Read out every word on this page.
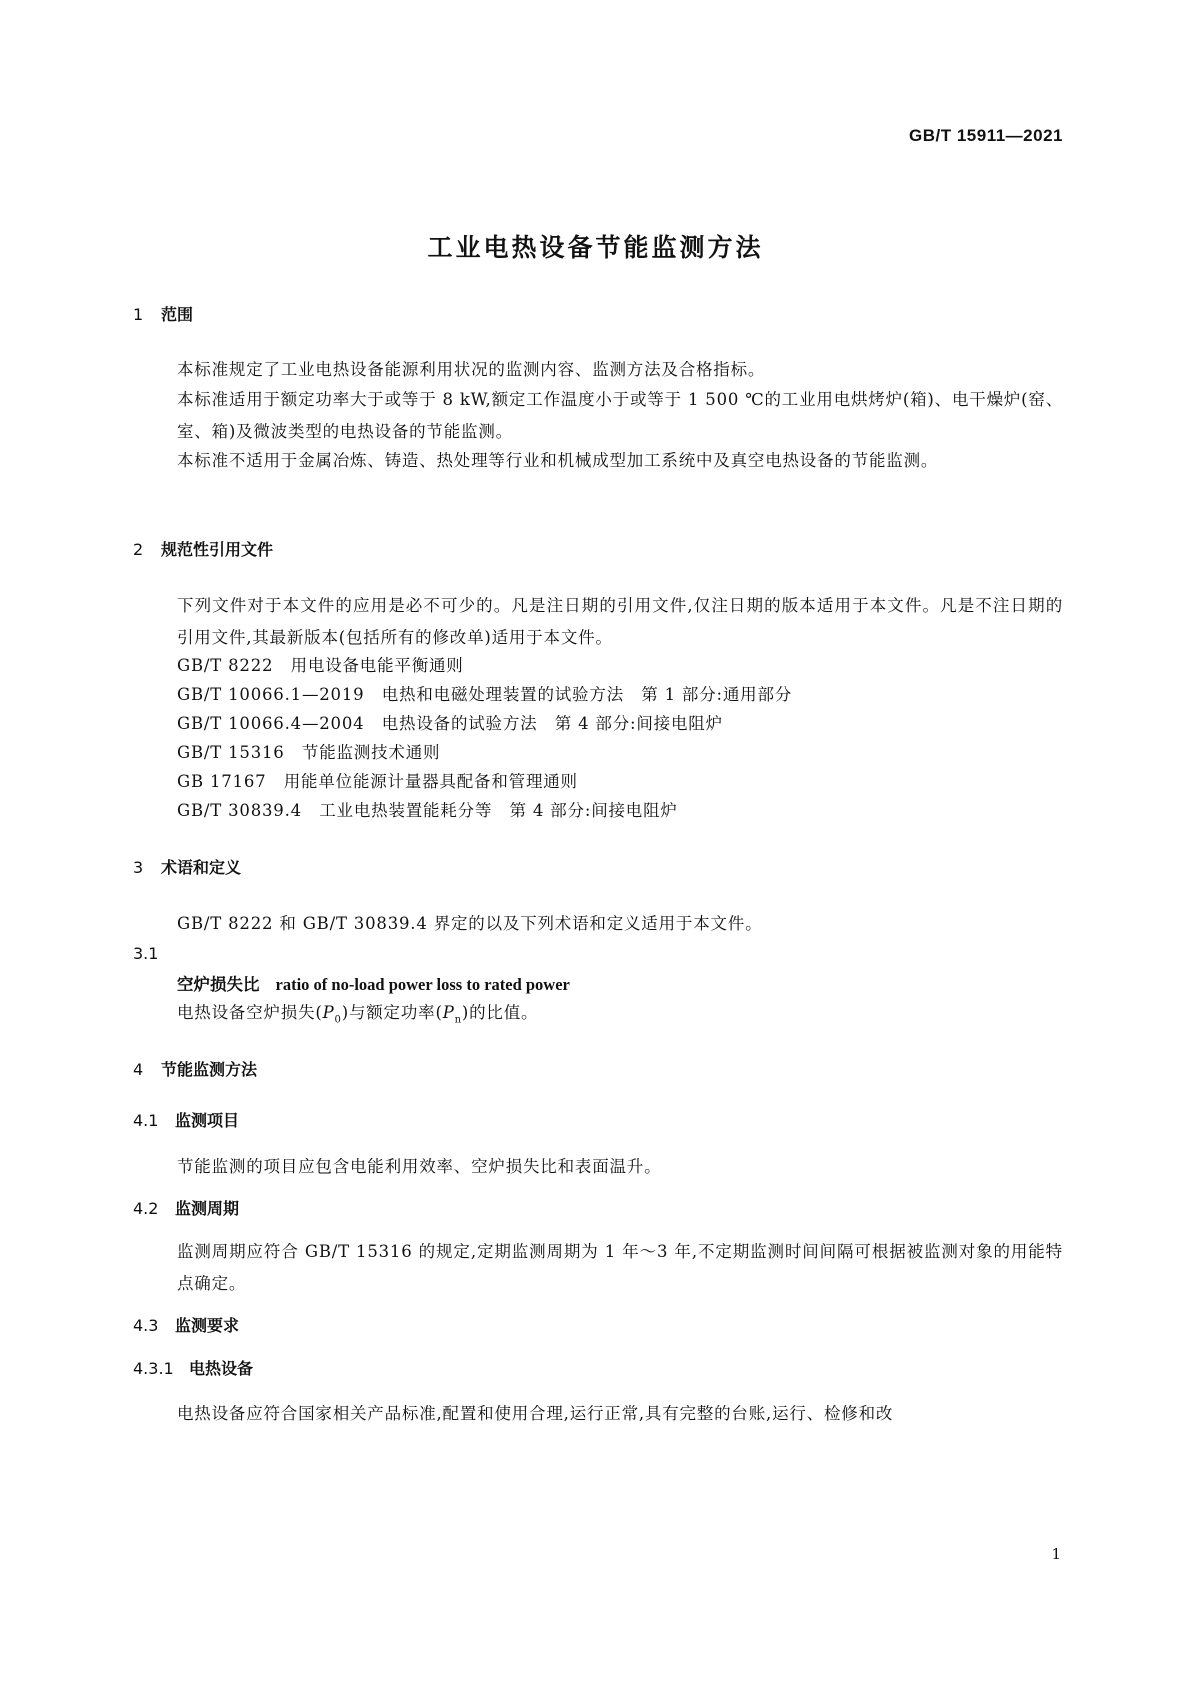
GB/T 15911—2021
工业电热设备节能监测方法
1 范围
本标准规定了工业电热设备能源利用状况的监测内容、监测方法及合格指标。
本标准适用于额定功率大于或等于 8 kW,额定工作温度小于或等于 1 500 ℃的工业用电烘烤炉(箱)、电干燥炉(窑、室、箱)及微波类型的电热设备的节能监测。
本标准不适用于金属冶炼、铸造、热处理等行业和机械成型加工系统中及真空电热设备的节能监测。
2 规范性引用文件
下列文件对于本文件的应用是必不可少的。凡是注日期的引用文件,仅注日期的版本适用于本文件。凡是不注日期的引用文件,其最新版本(包括所有的修改单)适用于本文件。
GB/T 8222　用电设备电能平衡通则
GB/T 10066.1—2019　电热和电磁处理装置的试验方法　第 1 部分:通用部分
GB/T 10066.4—2004　电热设备的试验方法　第 4 部分:间接电阻炉
GB/T 15316　节能监测技术通则
GB 17167　用能单位能源计量器具配备和管理通则
GB/T 30839.4　工业电热装置能耗分等　第 4 部分:间接电阻炉
3 术语和定义
GB/T 8222 和 GB/T 30839.4 界定的以及下列术语和定义适用于本文件。
3.1
空炉损失比 ratio of no-load power loss to rated power
电热设备空炉损失$(P_0)$与额定功率$(P_n)$的比值。
4 节能监测方法
4.1 监测项目
节能监测的项目应包含电能利用效率、空炉损失比和表面温升。
4.2 监测周期
监测周期应符合 GB/T 15316 的规定,定期监测周期为 1 年～3 年,不定期监测时间间隔可根据被监测对象的用能特点确定。
4.3 监测要求
4.3.1 电热设备
电热设备应符合国家相关产品标准,配置和使用合理,运行正常,具有完整的台账,运行、检修和改
1
